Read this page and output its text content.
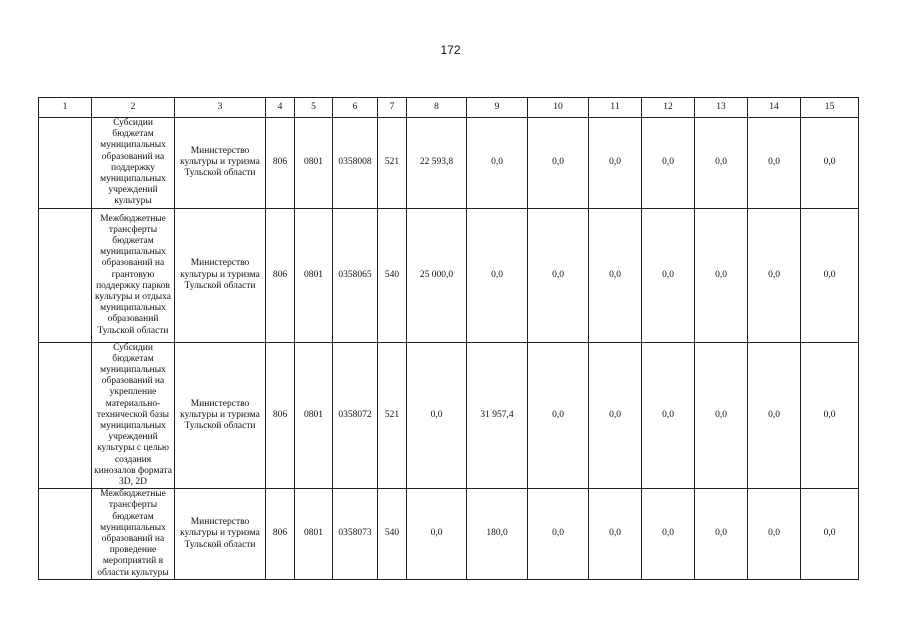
172
1	2	3	4	5	6	7	8	9	10	11	12	13	14	15
	Субсидии бюджетам муниципальных образований на поддержку муниципальных учреждений культуры	Министерство культуры и туризма Тульской области	806	0801	0358008	521	22 593,8	0,0	0,0	0,0	0,0	0,0	0,0	0,0
	Межбюджетные трансферты бюджетам муниципальных образований на грантовую поддержку парков культуры и отдыха муниципальных образований Тульской области	Министерство культуры и туризма Тульской области	806	0801	0358065	540	25 000,0	0,0	0,0	0,0	0,0	0,0	0,0	0,0
	Субсидии бюджетам муниципальных образований на укрепление материально-технической базы муниципальных учреждений культуры с целью создания кинозалов формата 3D, 2D	Министерство культуры и туризма Тульской области	806	0801	0358072	521	0,0	31 957,4	0,0	0,0	0,0	0,0	0,0	0,0
	Межбюджетные трансферты бюджетам муниципальных образований на проведение мероприятий в области культуры	Министерство культуры и туризма Тульской области	806	0801	0358073	540	0,0	180,0	0,0	0,0	0,0	0,0	0,0	0,0
